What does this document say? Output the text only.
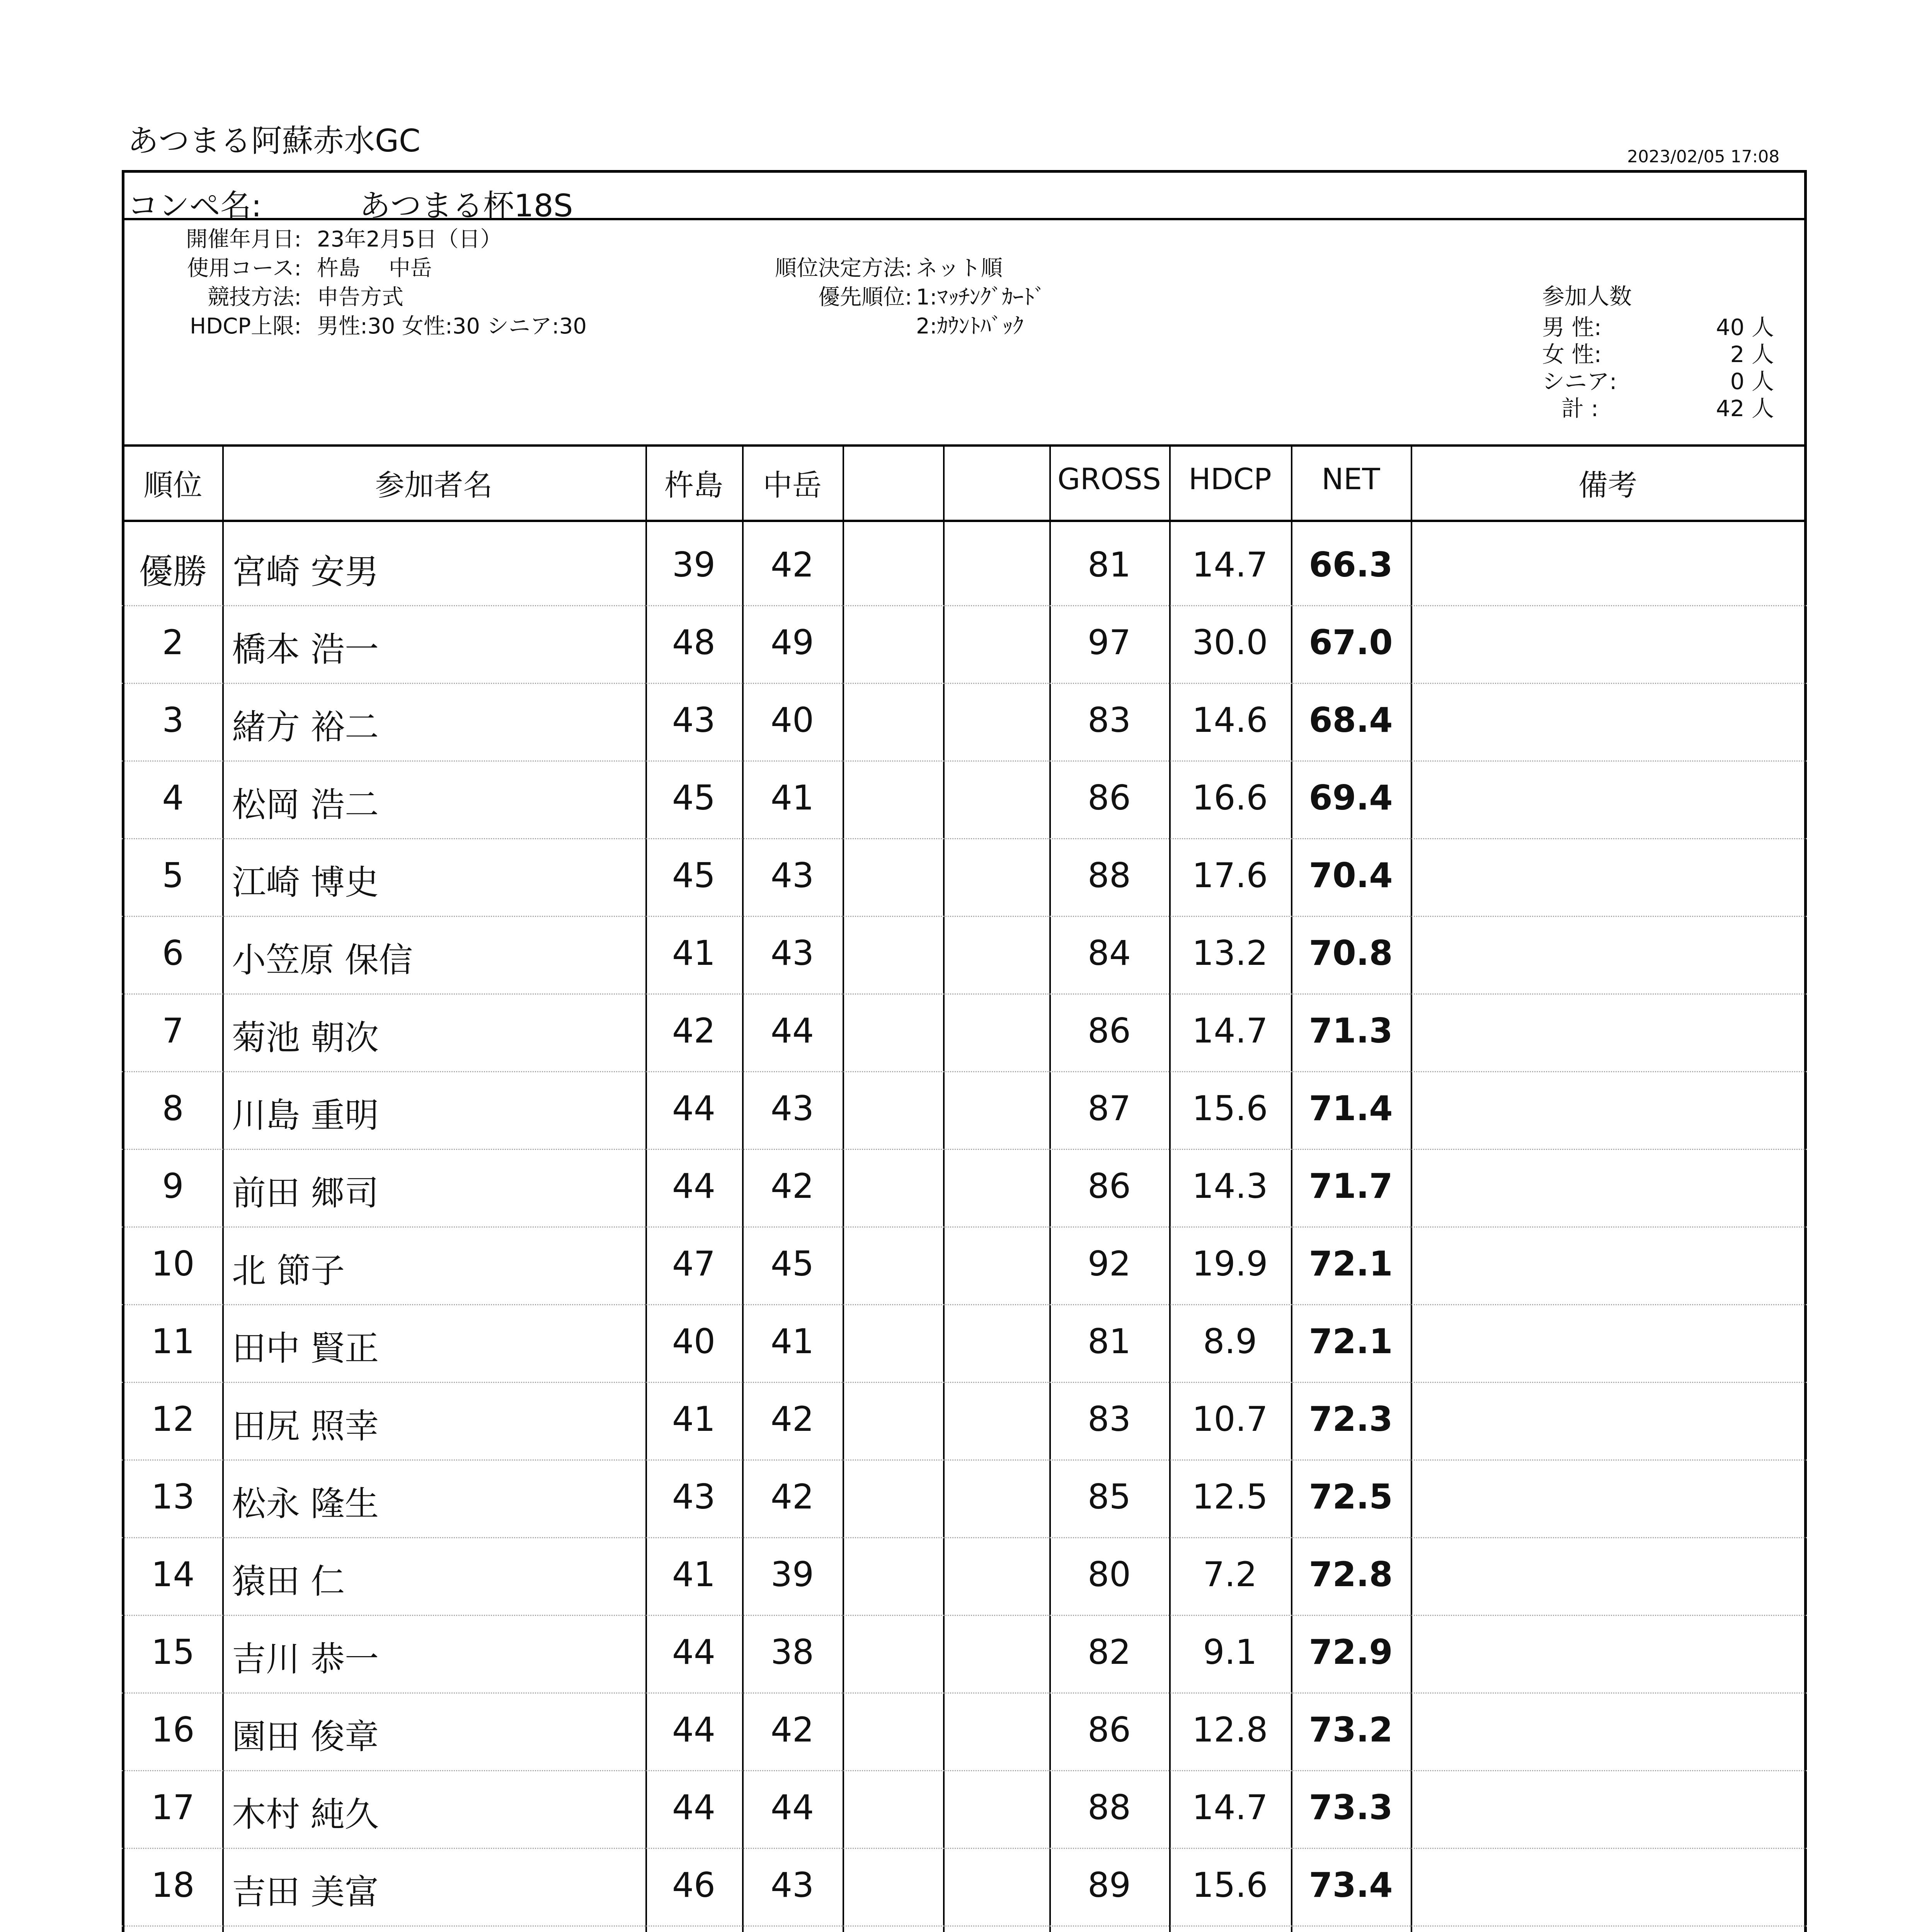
あつまる阿蘇赤水GC	2023/02/05 17:08
コンペ名:	あつまる杯18S
開催年月日: 23年2月5日（日）
使用コース: 杵島　 中岳
競技方法: 申告方式
HDCP上限: 男性:30 女性:30 シニア:30
順位決定方法: ネット順
優先順位: 1:ﾏｯﾁﾝｸﾞｶｰﾄﾞ
2:ｶｳﾝﾄﾊﾞｯｸ
参加人数
男 性:	40 人
女 性:	2 人
シニア:	0 人
計 :	42 人
順位	参加者名	杵島	中岳	GROSS HDCP	NET	備考
優勝 宮崎 安男	39	42	81	14.7	66.3
2	橋本 浩一	48	49	97	30.0	67.0
3	緒方 裕二	43	40	83	14.6	68.4
4	松岡 浩二	45	41	86	16.6	69.4
5	江崎 博史	45	43	88	17.6	70.4
6	小笠原 保信	41	43	84	13.2	70.8
7	菊池 朝次	42	44	86	14.7	71.3
8	川島 重明	44	43	87	15.6	71.4
9	前田 郷司	44	42	86	14.3	71.7
10	北 節子	47	45	92	19.9	72.1
11	田中 賢正	40	41	81	8.9	72.1
12	田尻 照幸	41	42	83	10.7	72.3
13	松永 隆生	43	42	85	12.5	72.5
14	猿田 仁	41	39	80	7.2	72.8
15	吉川 恭一	44	38	82	9.1	72.9
16	園田 俊章	44	42	86	12.8	73.2
17	木村 純久	44	44	88	14.7	73.3
18	吉田 美富	46	43	89	15.6	73.4
